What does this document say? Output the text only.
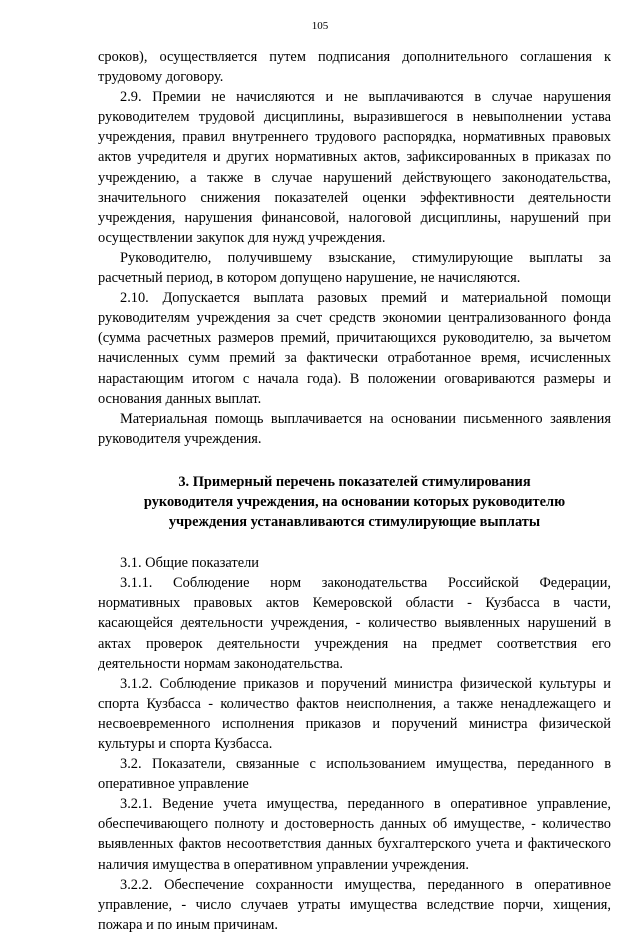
105

сроков), осуществляется путем подписания дополнительного соглашения к трудовому договору.

2.9. Премии не начисляются и не выплачиваются в случае нарушения руководителем трудовой дисциплины, выразившегося в невыполнении устава учреждения, правил внутреннего трудового распорядка, нормативных правовых актов учредителя и других нормативных актов, зафиксированных в приказах по учреждению, а также в случае нарушений действующего законодательства, значительного снижения показателей оценки эффективности деятельности учреждения, нарушения финансовой, налоговой дисциплины, нарушений при осуществлении закупок для нужд учреждения.

Руководителю, получившему взыскание, стимулирующие выплаты за расчетный период, в котором допущено нарушение, не начисляются.

2.10. Допускается выплата разовых премий и материальной помощи руководителям учреждения за счет средств экономии централизованного фонда (сумма расчетных размеров премий, причитающихся руководителю, за вычетом начисленных сумм премий за фактически отработанное время, исчисленных нарастающим итогом с начала года). В положении оговариваются размеры и основания данных выплат.

Материальная помощь выплачивается на основании письменного заявления руководителя учреждения.

3. Примерный перечень показателей стимулирования
руководителя учреждения, на основании которых руководителю
учреждения устанавливаются стимулирующие выплаты

3.1. Общие показатели

3.1.1. Соблюдение норм законодательства Российской Федерации, нормативных правовых актов Кемеровской области - Кузбасса в части, касающейся деятельности учреждения, - количество выявленных нарушений в актах проверок деятельности учреждения на предмет соответствия его деятельности нормам законодательства.

3.1.2. Соблюдение приказов и поручений министра физической культуры и спорта Кузбасса - количество фактов неисполнения, а также ненадлежащего и несвоевременного исполнения приказов и поручений министра физической культуры и спорта Кузбасса.

3.2. Показатели, связанные с использованием имущества, переданного в оперативное управление

3.2.1. Ведение учета имущества, переданного в оперативное управление, обеспечивающего полноту и достоверность данных об имуществе, - количество выявленных фактов несоответствия данных бухгалтерского учета и фактического наличия имущества в оперативном управлении учреждения.

3.2.2. Обеспечение сохранности имущества, переданного в оперативное управление, - число случаев утраты имущества вследствие порчи, хищения, пожара и по иным причинам.
